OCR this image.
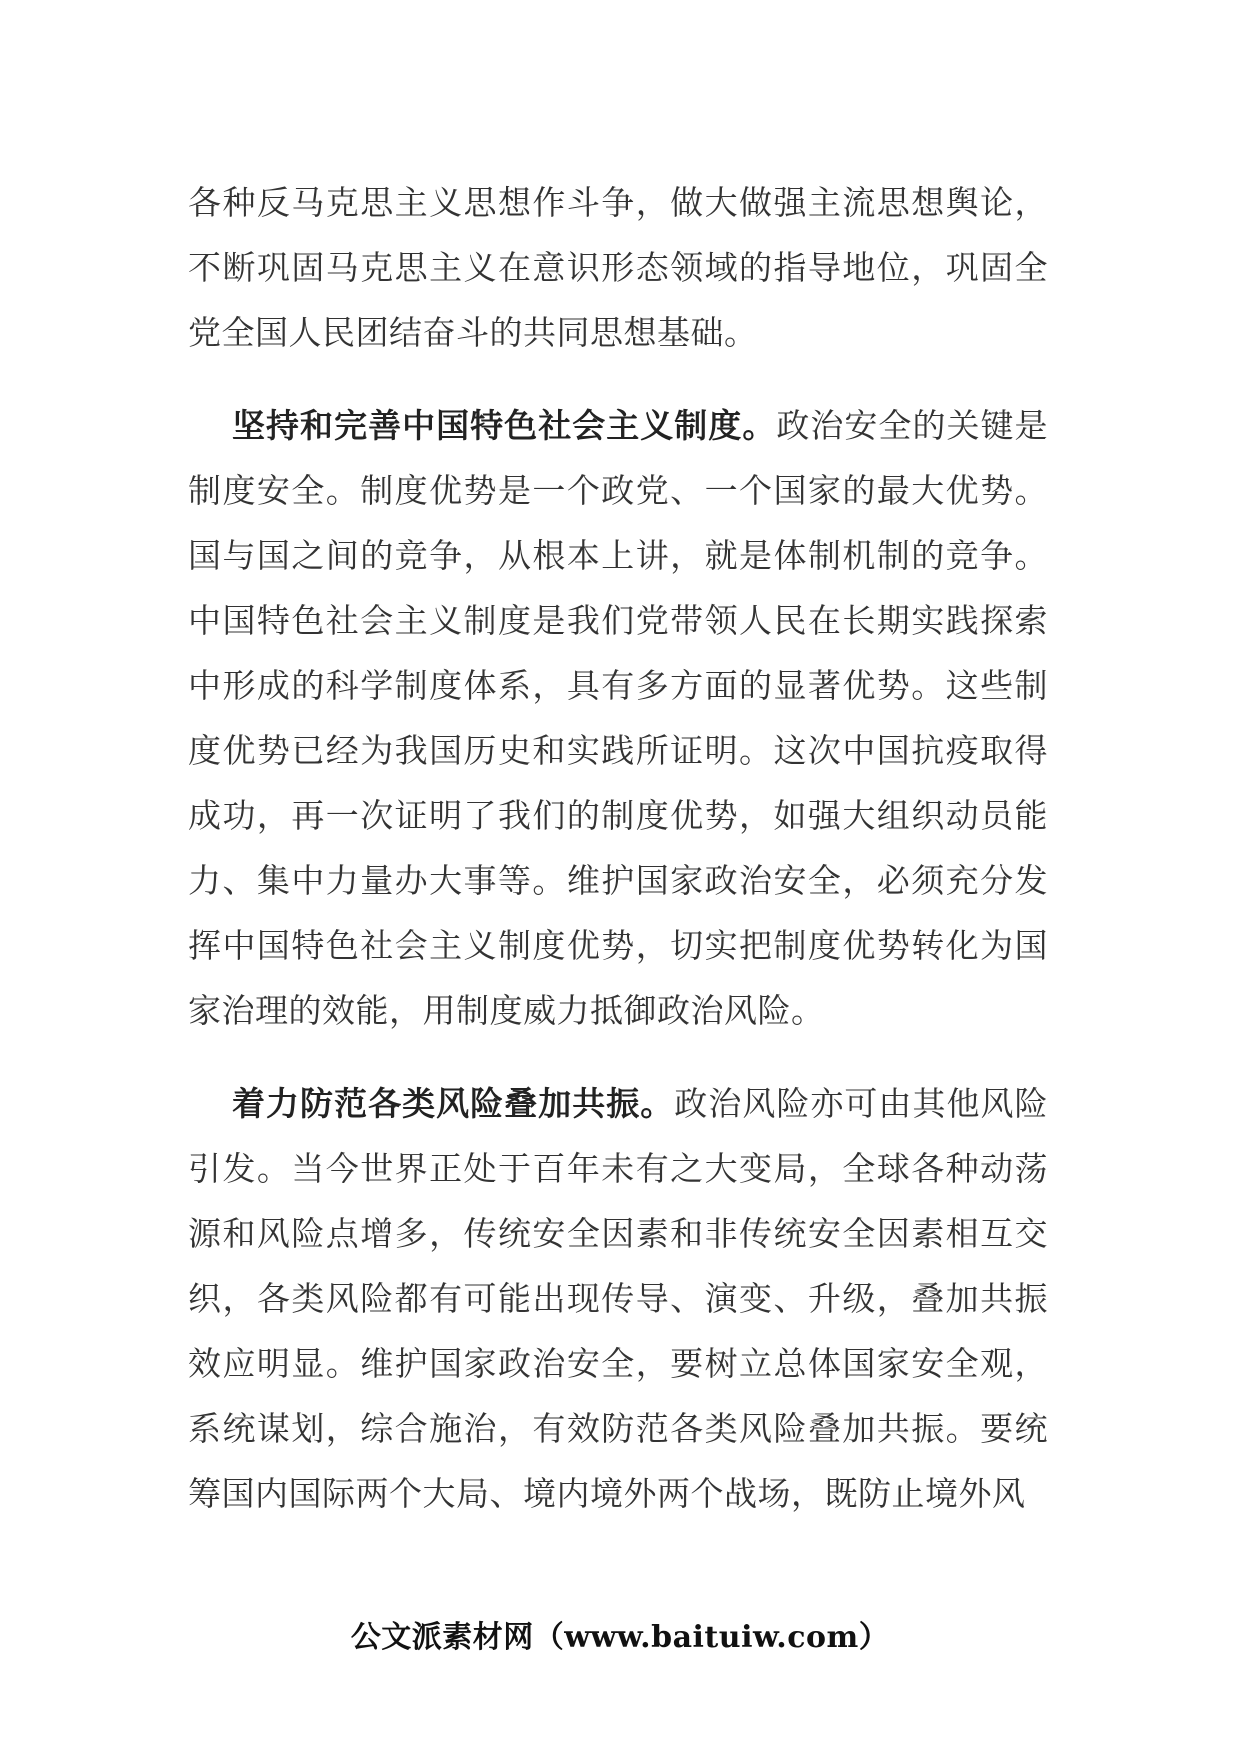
各种反马克思主义思想作斗争，做大做强主流思想舆论，不断巩固马克思主义在意识形态领域的指导地位，巩固全党全国人民团结奋斗的共同思想基础。

坚持和完善中国特色社会主义制度。政治安全的关键是制度安全。制度优势是一个政党、一个国家的最大优势。国与国之间的竞争，从根本上讲，就是体制机制的竞争。中国特色社会主义制度是我们党带领人民在长期实践探索中形成的科学制度体系，具有多方面的显著优势。这些制度优势已经为我国历史和实践所证明。这次中国抗疫取得成功，再一次证明了我们的制度优势，如强大组织动员能力、集中力量办大事等。维护国家政治安全，必须充分发挥中国特色社会主义制度优势，切实把制度优势转化为国家治理的效能，用制度威力抵御政治风险。

着力防范各类风险叠加共振。政治风险亦可由其他风险引发。当今世界正处于百年未有之大变局，全球各种动荡源和风险点增多，传统安全因素和非传统安全因素相互交织，各类风险都有可能出现传导、演变、升级，叠加共振效应明显。维护国家政治安全，要树立总体国家安全观，系统谋划，综合施治，有效防范各类风险叠加共振。要统筹国内国际两个大局、境内境外两个战场，既防止境外风

公文派素材网（www.baituiw.com）
